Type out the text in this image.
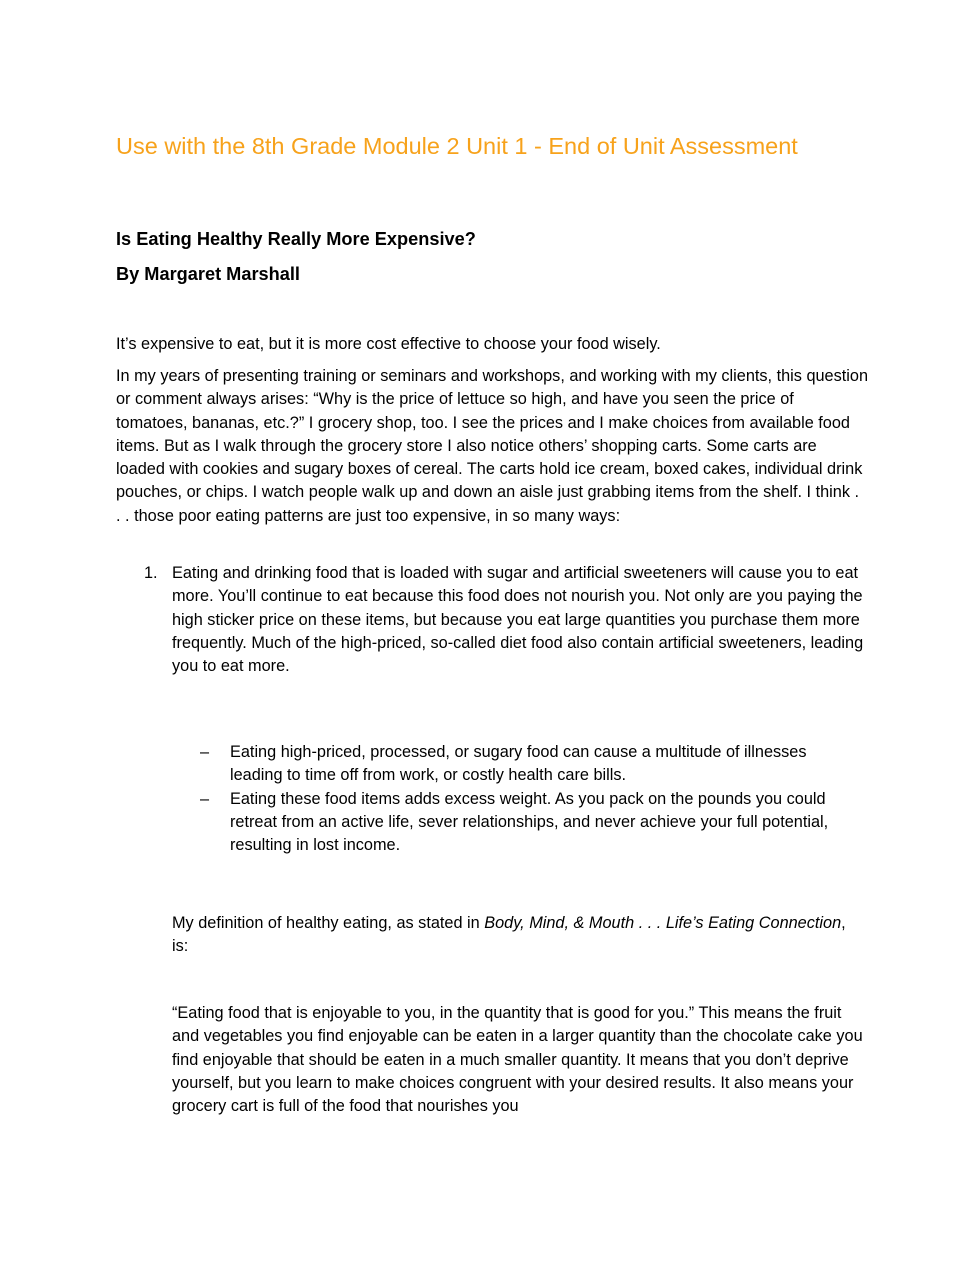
Use with the 8th Grade Module 2 Unit 1 - End of Unit Assessment
Is Eating Healthy Really More Expensive?
By Margaret Marshall

It’s expensive to eat, but it is more cost effective to choose your food wisely.

In my years of presenting training or seminars and workshops, and working with my clients, this question or comment always arises: “Why is the price of lettuce so high, and have you seen the price of tomatoes, bananas, etc.?” I grocery shop, too. I see the prices and I make choices from available food items. But as I walk through the grocery store I also notice others’ shopping carts. Some carts are loaded with cookies and sugary boxes of cereal. The carts hold ice cream, boxed cakes, individual drink pouches, or chips. I watch people walk up and down an aisle just grabbing items from the shelf. I think . . . those poor eating patterns are just too expensive, in so many ways:

1. Eating and drinking food that is loaded with sugar and artificial sweeteners will cause you to eat more. You’ll continue to eat because this food does not nourish you. Not only are you paying the high sticker price on these items, but because you eat large quantities you purchase them more frequently. Much of the high-priced, so-called diet food also contain artificial sweeteners, leading you to eat more.
– Eating high-priced, processed, or sugary food can cause a multitude of illnesses leading to time off from work, or costly health care bills.
– Eating these food items adds excess weight. As you pack on the pounds you could retreat from an active life, sever relationships, and never achieve your full potential, resulting in lost income.

My definition of healthy eating, as stated in Body, Mind, & Mouth . . . Life’s Eating Connection, is:

“Eating food that is enjoyable to you, in the quantity that is good for you.” This means the fruit and vegetables you find enjoyable can be eaten in a larger quantity than the chocolate cake you find enjoyable that should be eaten in a much smaller quantity. It means that you don’t deprive yourself, but you learn to make choices congruent with your desired results. It also means your grocery cart is full of the food that nourishes you
